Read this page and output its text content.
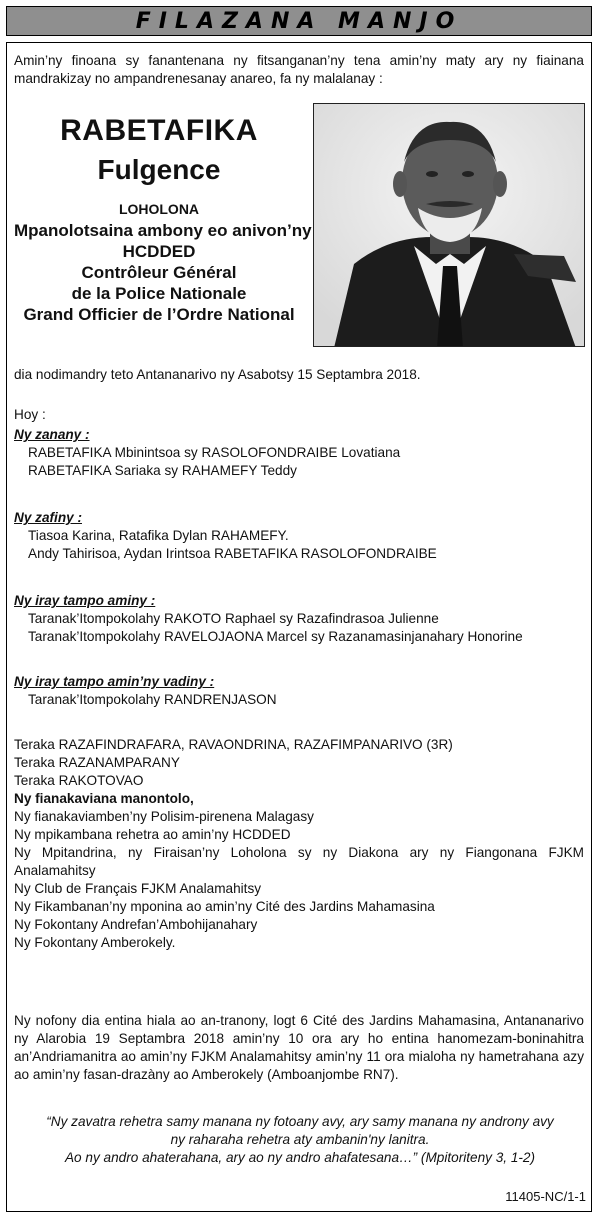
FILAZANA MANJO
Amin’ny finoana sy fanantenana ny fitsanganan’ny tena amin’ny maty ary ny fiainana mandrakizay no ampandrenesanay anareo, fa ny malalanay :
RABETAFIKA
Fulgence
LOHOLONA
Mpanolotsaina ambony eo anivon’ny
HCDDED
Contrôleur Général
de la Police Nationale
Grand Officier de l’Ordre National
dia nodimandry teto Antananarivo ny Asabotsy 15 Septambra 2018.
Hoy :
Ny zanany :
RABETAFIKA Mbinintsoa sy RASOLOFONDRAIBE Lovatiana
RABETAFIKA Sariaka sy RAHAMEFY Teddy
Ny zafiny :
Tiasoa Karina, Ratafika Dylan RAHAMEFY.
Andy Tahirisoa, Aydan Irintsoa RABETAFIKA RASOLOFONDRAIBE
Ny iray tampo aminy :
Taranak’Itompokolahy RAKOTO Raphael sy Razafindrasoa Julienne
Taranak’Itompokolahy RAVELOJAONA Marcel sy Razanamasinjanahary Honorine
Ny iray tampo amin’ny vadiny :
Taranak’Itompokolahy RANDRENJASON
Teraka RAZAFINDRAFARA, RAVAONDRINA, RAZAFIMPANARIVO (3R)
Teraka RAZANAMPARANY
Teraka RAKOTOVAO
Ny fianakaviana manontolo,
Ny fianakaviamben’ny Polisim-pirenena Malagasy
Ny mpikambana rehetra ao amin’ny HCDDED
Ny Mpitandrina, ny Firaisan’ny Loholona sy ny Diakona ary ny Fiangonana FJKM Analamahitsy
Ny Club de Français FJKM Analamahitsy
Ny Fikambanan’ny mponina ao amin’ny Cité des Jardins Mahamasina
Ny Fokontany Andrefan’Ambohijanahary
Ny Fokontany Amberokely.
Ny nofony dia entina hiala ao an-tranony, logt 6 Cité des Jardins Mahamasina, Antananarivo ny Alarobia 19 Septambra 2018 amin’ny 10 ora ary ho entina hanomezam-boninahitra an’Andriamanitra ao amin’ny FJKM Analamahitsy amin’ny 11 ora mialoha ny hametrahana azy ao amin’ny fasan-drazàny ao Amberokely (Amboanjombe RN7).
“Ny zavatra rehetra samy manana ny fotoany avy, ary samy manana ny androny avy
ny raharaha rehetra aty ambanin'ny lanitra.
Ao ny andro ahaterahana, ary ao ny andro ahafatesana…” (Mpitoriteny 3, 1-2)
11405-NC/1-1
